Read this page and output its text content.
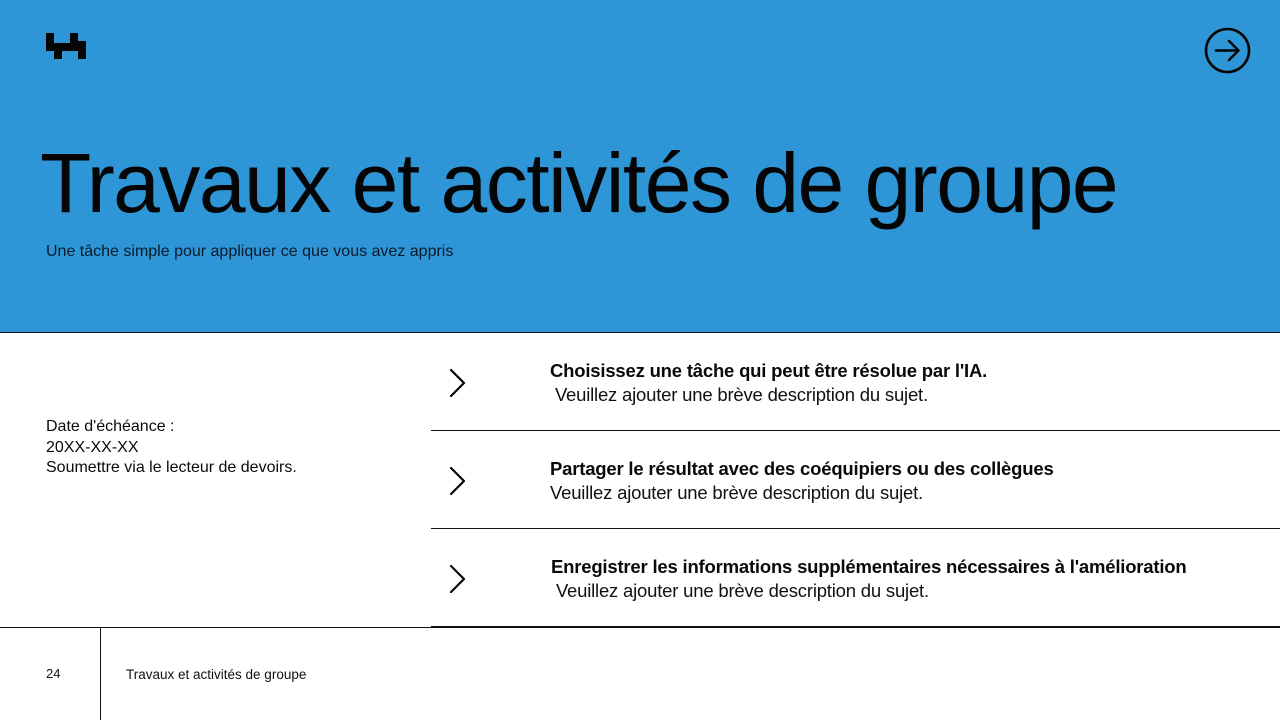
Travaux et activités de groupe
Une tâche simple pour appliquer ce que vous avez appris
Date d'échéance :
20XX-XX-XX
Soumettre via le lecteur de devoirs.
Choisissez une tâche qui peut être résolue par l'IA.
Veuillez ajouter une brève description du sujet.
Partager le résultat avec des coéquipiers ou des collègues
Veuillez ajouter une brève description du sujet.
Enregistrer les informations supplémentaires nécessaires à l'amélioration
Veuillez ajouter une brève description du sujet.
24	Travaux et activités de groupe
